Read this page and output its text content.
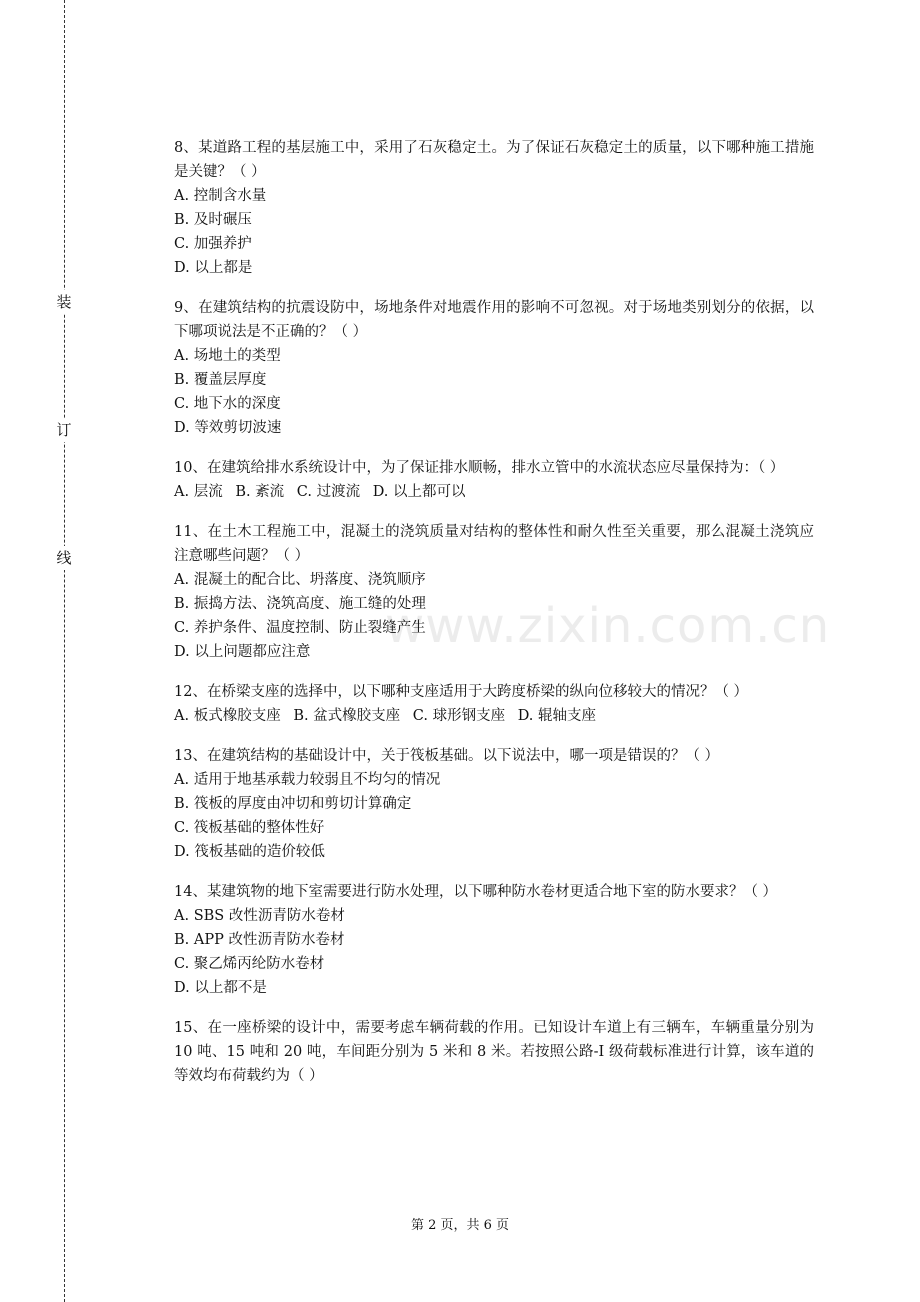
装
订
线
www.zixin.com.cn
8、某道路工程的基层施工中，采用了石灰稳定土。为了保证石灰稳定土的质量，以下哪种施工措施是关键？（ ）
A. 控制含水量
B. 及时碾压
C. 加强养护
D. 以上都是
9、在建筑结构的抗震设防中，场地条件对地震作用的影响不可忽视。对于场地类别划分的依据，以下哪项说法是不正确的？（ ）
A. 场地土的类型
B. 覆盖层厚度
C. 地下水的深度
D. 等效剪切波速
10、在建筑给排水系统设计中，为了保证排水顺畅，排水立管中的水流状态应尽量保持为：（ ）
A. 层流 B. 紊流 C. 过渡流 D. 以上都可以
11、在土木工程施工中，混凝土的浇筑质量对结构的整体性和耐久性至关重要，那么混凝土浇筑应注意哪些问题？（ ）
A. 混凝土的配合比、坍落度、浇筑顺序
B. 振捣方法、浇筑高度、施工缝的处理
C. 养护条件、温度控制、防止裂缝产生
D. 以上问题都应注意
12、在桥梁支座的选择中，以下哪种支座适用于大跨度桥梁的纵向位移较大的情况？（ ）
A. 板式橡胶支座 B. 盆式橡胶支座 C. 球形钢支座 D. 辊轴支座
13、在建筑结构的基础设计中，关于筏板基础。以下说法中，哪一项是错误的？（ ）
A. 适用于地基承载力较弱且不均匀的情况
B. 筏板的厚度由冲切和剪切计算确定
C. 筏板基础的整体性好
D. 筏板基础的造价较低
14、某建筑物的地下室需要进行防水处理，以下哪种防水卷材更适合地下室的防水要求？（ ）
A. SBS 改性沥青防水卷材
B. APP 改性沥青防水卷材
C. 聚乙烯丙纶防水卷材
D. 以上都不是
15、在一座桥梁的设计中，需要考虑车辆荷载的作用。已知设计车道上有三辆车，车辆重量分别为 10 吨、15 吨和 20 吨，车间距分别为 5 米和 8 米。若按照公路-I 级荷载标准进行计算，该车道的等效均布荷载约为（ ）
第 2 页，共 6 页
